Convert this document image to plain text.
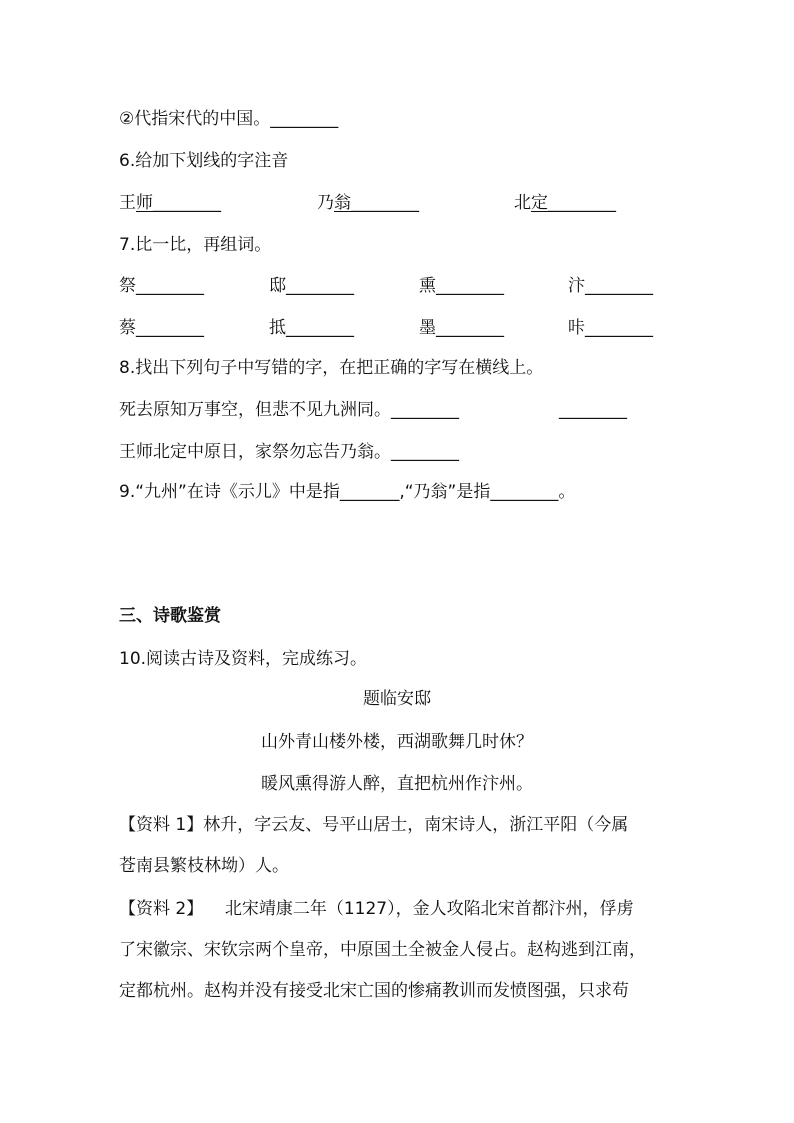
②代指宋代的中国。________
6.给加下划线的字注音
王师________	乃翁________	北定________
7.比一比，再组词。
祭________	邸________	熏________	汴________
蔡________	抵________	墨________	咔________
8.找出下列句子中写错的字，在把正确的字写在横线上。
死去原知万事空，但悲不见九洲同。________	________
王师北定中原日，家祭勿忘告乃翁。________
9.“九州”在诗《示儿》中是指_______,“乃翁”是指________。
三、诗歌鉴赏
10.阅读古诗及资料，完成练习。
题临安邸
山外青山楼外楼，西湖歌舞几时休？
暖风熏得游人醉，直把杭州作汴州。
【资料 1】林升，字云友、号平山居士，南宋诗人，浙江平阳（今属
苍南县繁枝林坳）人。
【资料 2】    北宋靖康二年（1127），金人攻陷北宋首都汴州，俘虏
了宋徽宗、宋钦宗两个皇帝，中原国土全被金人侵占。赵构逃到江南，
定都杭州。赵构并没有接受北宋亡国的惨痛教训而发愤图强，只求苟
